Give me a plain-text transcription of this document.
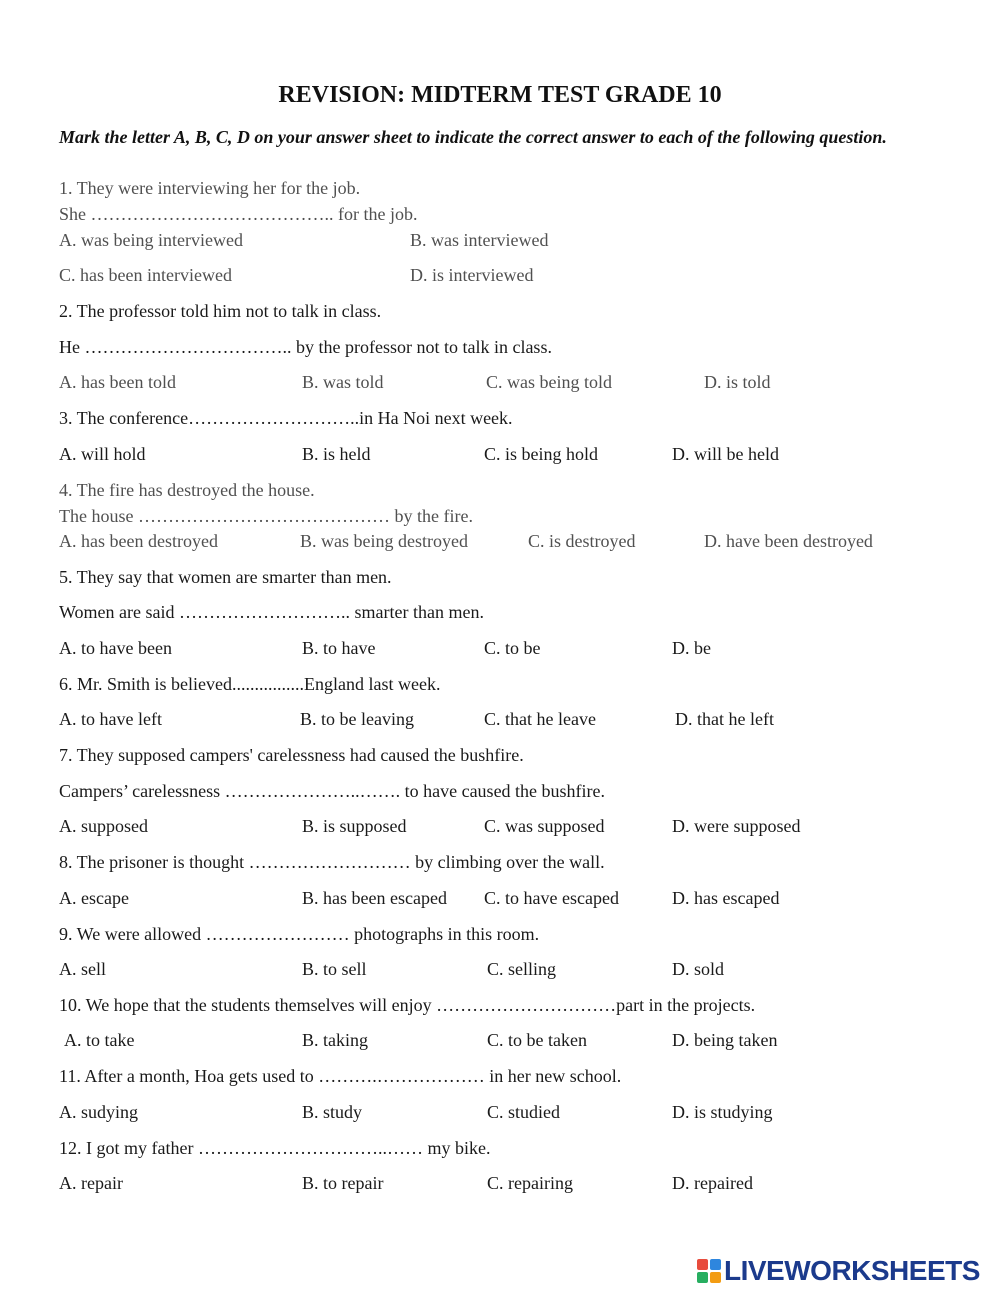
REVISION: MIDTERM TEST GRADE 10
Mark the letter A, B, C, D on your answer sheet to indicate the correct answer to each of the following question.
1. They were interviewing her for the job.
She ………………………………….. for the job.
A. was being interviewed	B. was interviewed
C. has been interviewed	D. is interviewed
2. The professor told him not to talk in class.
He …………………………….. by the professor not to talk in class.
A. has been told	B. was told	C. was being told	D. is told
3. The conference………………………..in Ha Noi next week.
A. will hold	B. is held	C. is being hold	D. will be held
4. The fire has destroyed the house.
The house …………………………………… by the fire.
A. has been destroyed	B. was being destroyed	C. is destroyed	D. have been destroyed
5. They say that women are smarter than men.
Women are said ……………………….. smarter than men.
A. to have been	B. to have	C. to be	D. be
6. Mr. Smith is believed................England last week.
A. to have left	B. to be leaving	C. that he leave	D. that he left
7. They supposed campers' carelessness had caused the bushfire.
Campers’ carelessness …………………..……. to have caused the bushfire.
A. supposed	B. is supposed	C. was supposed	D. were supposed
8. The prisoner is thought ……………………… by climbing over the wall.
A. escape	B. has been escaped C. to have escaped	D. has escaped
9. We were allowed …………………… photographs in this room.
A. sell	B. to sell	C. selling	D. sold
10. We hope that the students themselves will enjoy …………………………part in the projects.
A. to take	B. taking	C. to be taken	D. being taken
11. After a month, Hoa gets used to ……….……………… in her new school.
A. sudying	B. study	C. studied	D. is studying
12. I got my father …………………………..…… my bike.
A. repair	B. to repair	C. repairing	D. repaired
LIVEWORKSHEETS
